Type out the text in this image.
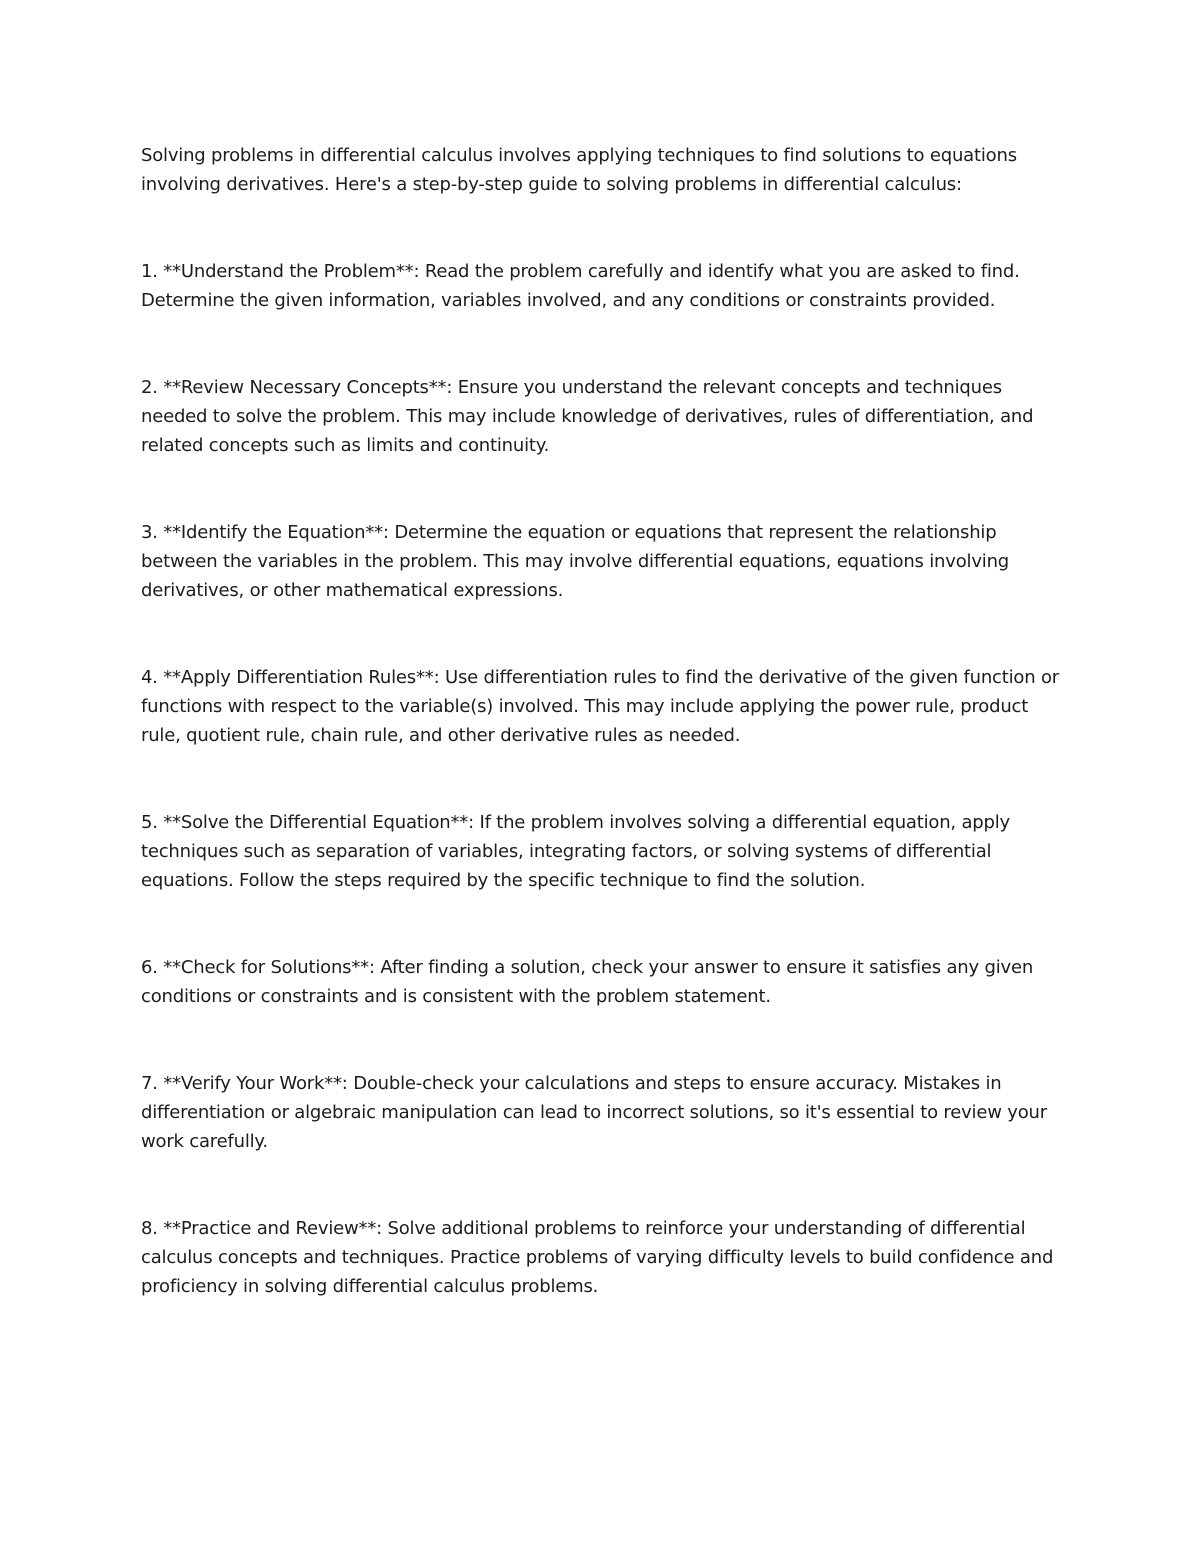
Solving problems in differential calculus involves applying techniques to find solutions to equations involving derivatives. Here's a step-by-step guide to solving problems in differential calculus:

1. **Understand the Problem**: Read the problem carefully and identify what you are asked to find. Determine the given information, variables involved, and any conditions or constraints provided.

2. **Review Necessary Concepts**: Ensure you understand the relevant concepts and techniques needed to solve the problem. This may include knowledge of derivatives, rules of differentiation, and related concepts such as limits and continuity.

3. **Identify the Equation**: Determine the equation or equations that represent the relationship between the variables in the problem. This may involve differential equations, equations involving derivatives, or other mathematical expressions.

4. **Apply Differentiation Rules**: Use differentiation rules to find the derivative of the given function or functions with respect to the variable(s) involved. This may include applying the power rule, product rule, quotient rule, chain rule, and other derivative rules as needed.

5. **Solve the Differential Equation**: If the problem involves solving a differential equation, apply techniques such as separation of variables, integrating factors, or solving systems of differential equations. Follow the steps required by the specific technique to find the solution.

6. **Check for Solutions**: After finding a solution, check your answer to ensure it satisfies any given conditions or constraints and is consistent with the problem statement.

7. **Verify Your Work**: Double-check your calculations and steps to ensure accuracy. Mistakes in differentiation or algebraic manipulation can lead to incorrect solutions, so it's essential to review your work carefully.

8. **Practice and Review**: Solve additional problems to reinforce your understanding of differential calculus concepts and techniques. Practice problems of varying difficulty levels to build confidence and proficiency in solving differential calculus problems.
